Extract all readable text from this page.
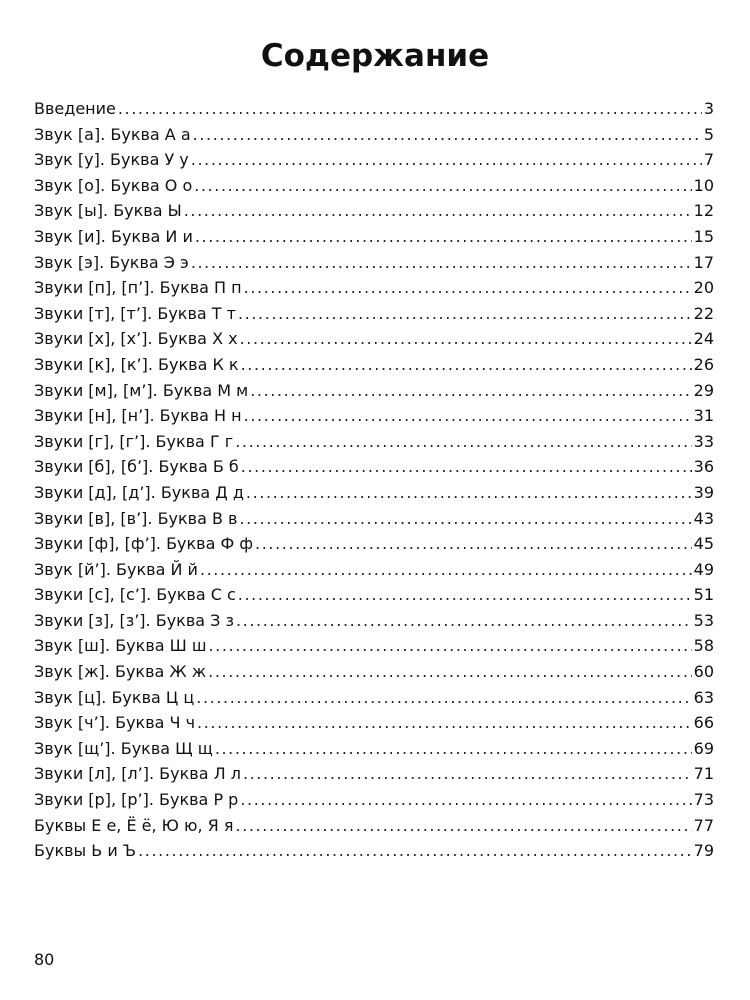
Содержание
Введение .....	3
Звук [а]. Буква А а .....	5
Звук [у]. Буква У у .....	7
Звук [о]. Буква О о .....	10
Звук [ы]. Буква Ы .....	12
Звук [и]. Буква И и .....	15
Звук [э]. Буква Э э .....	17
Звуки [п], [п’]. Буква П п .....	20
Звуки [т], [т’]. Буква Т т .....	22
Звуки [х], [х’]. Буква Х х .....	24
Звуки [к], [к’]. Буква К к .....	26
Звуки [м], [м’]. Буква М м .....	29
Звуки [н], [н’]. Буква Н н .....	31
Звуки [г], [г’]. Буква Г г .....	33
Звуки [б], [б’]. Буква Б б .....	36
Звуки [д], [д’]. Буква Д д .....	39
Звуки [в], [в’]. Буква В в .....	43
Звуки [ф], [ф’]. Буква Ф ф .....	45
Звук [й’]. Буква Й й .....	49
Звуки [с], [с’]. Буква С с .....	51
Звуки [з], [з’]. Буква З з .....	53
Звук [ш]. Буква Ш ш .....	58
Звук [ж]. Буква Ж ж .....	60
Звук [ц]. Буква Ц ц .....	63
Звук [ч’]. Буква Ч ч .....	66
Звук [щ’]. Буква Щ щ .....	69
Звуки [л], [л’]. Буква Л л .....	71
Звуки [р], [р’]. Буква Р р .....	73
Буквы Е е, Ё ё, Ю ю, Я я .....	77
Буквы Ь и Ъ .....	79
80
